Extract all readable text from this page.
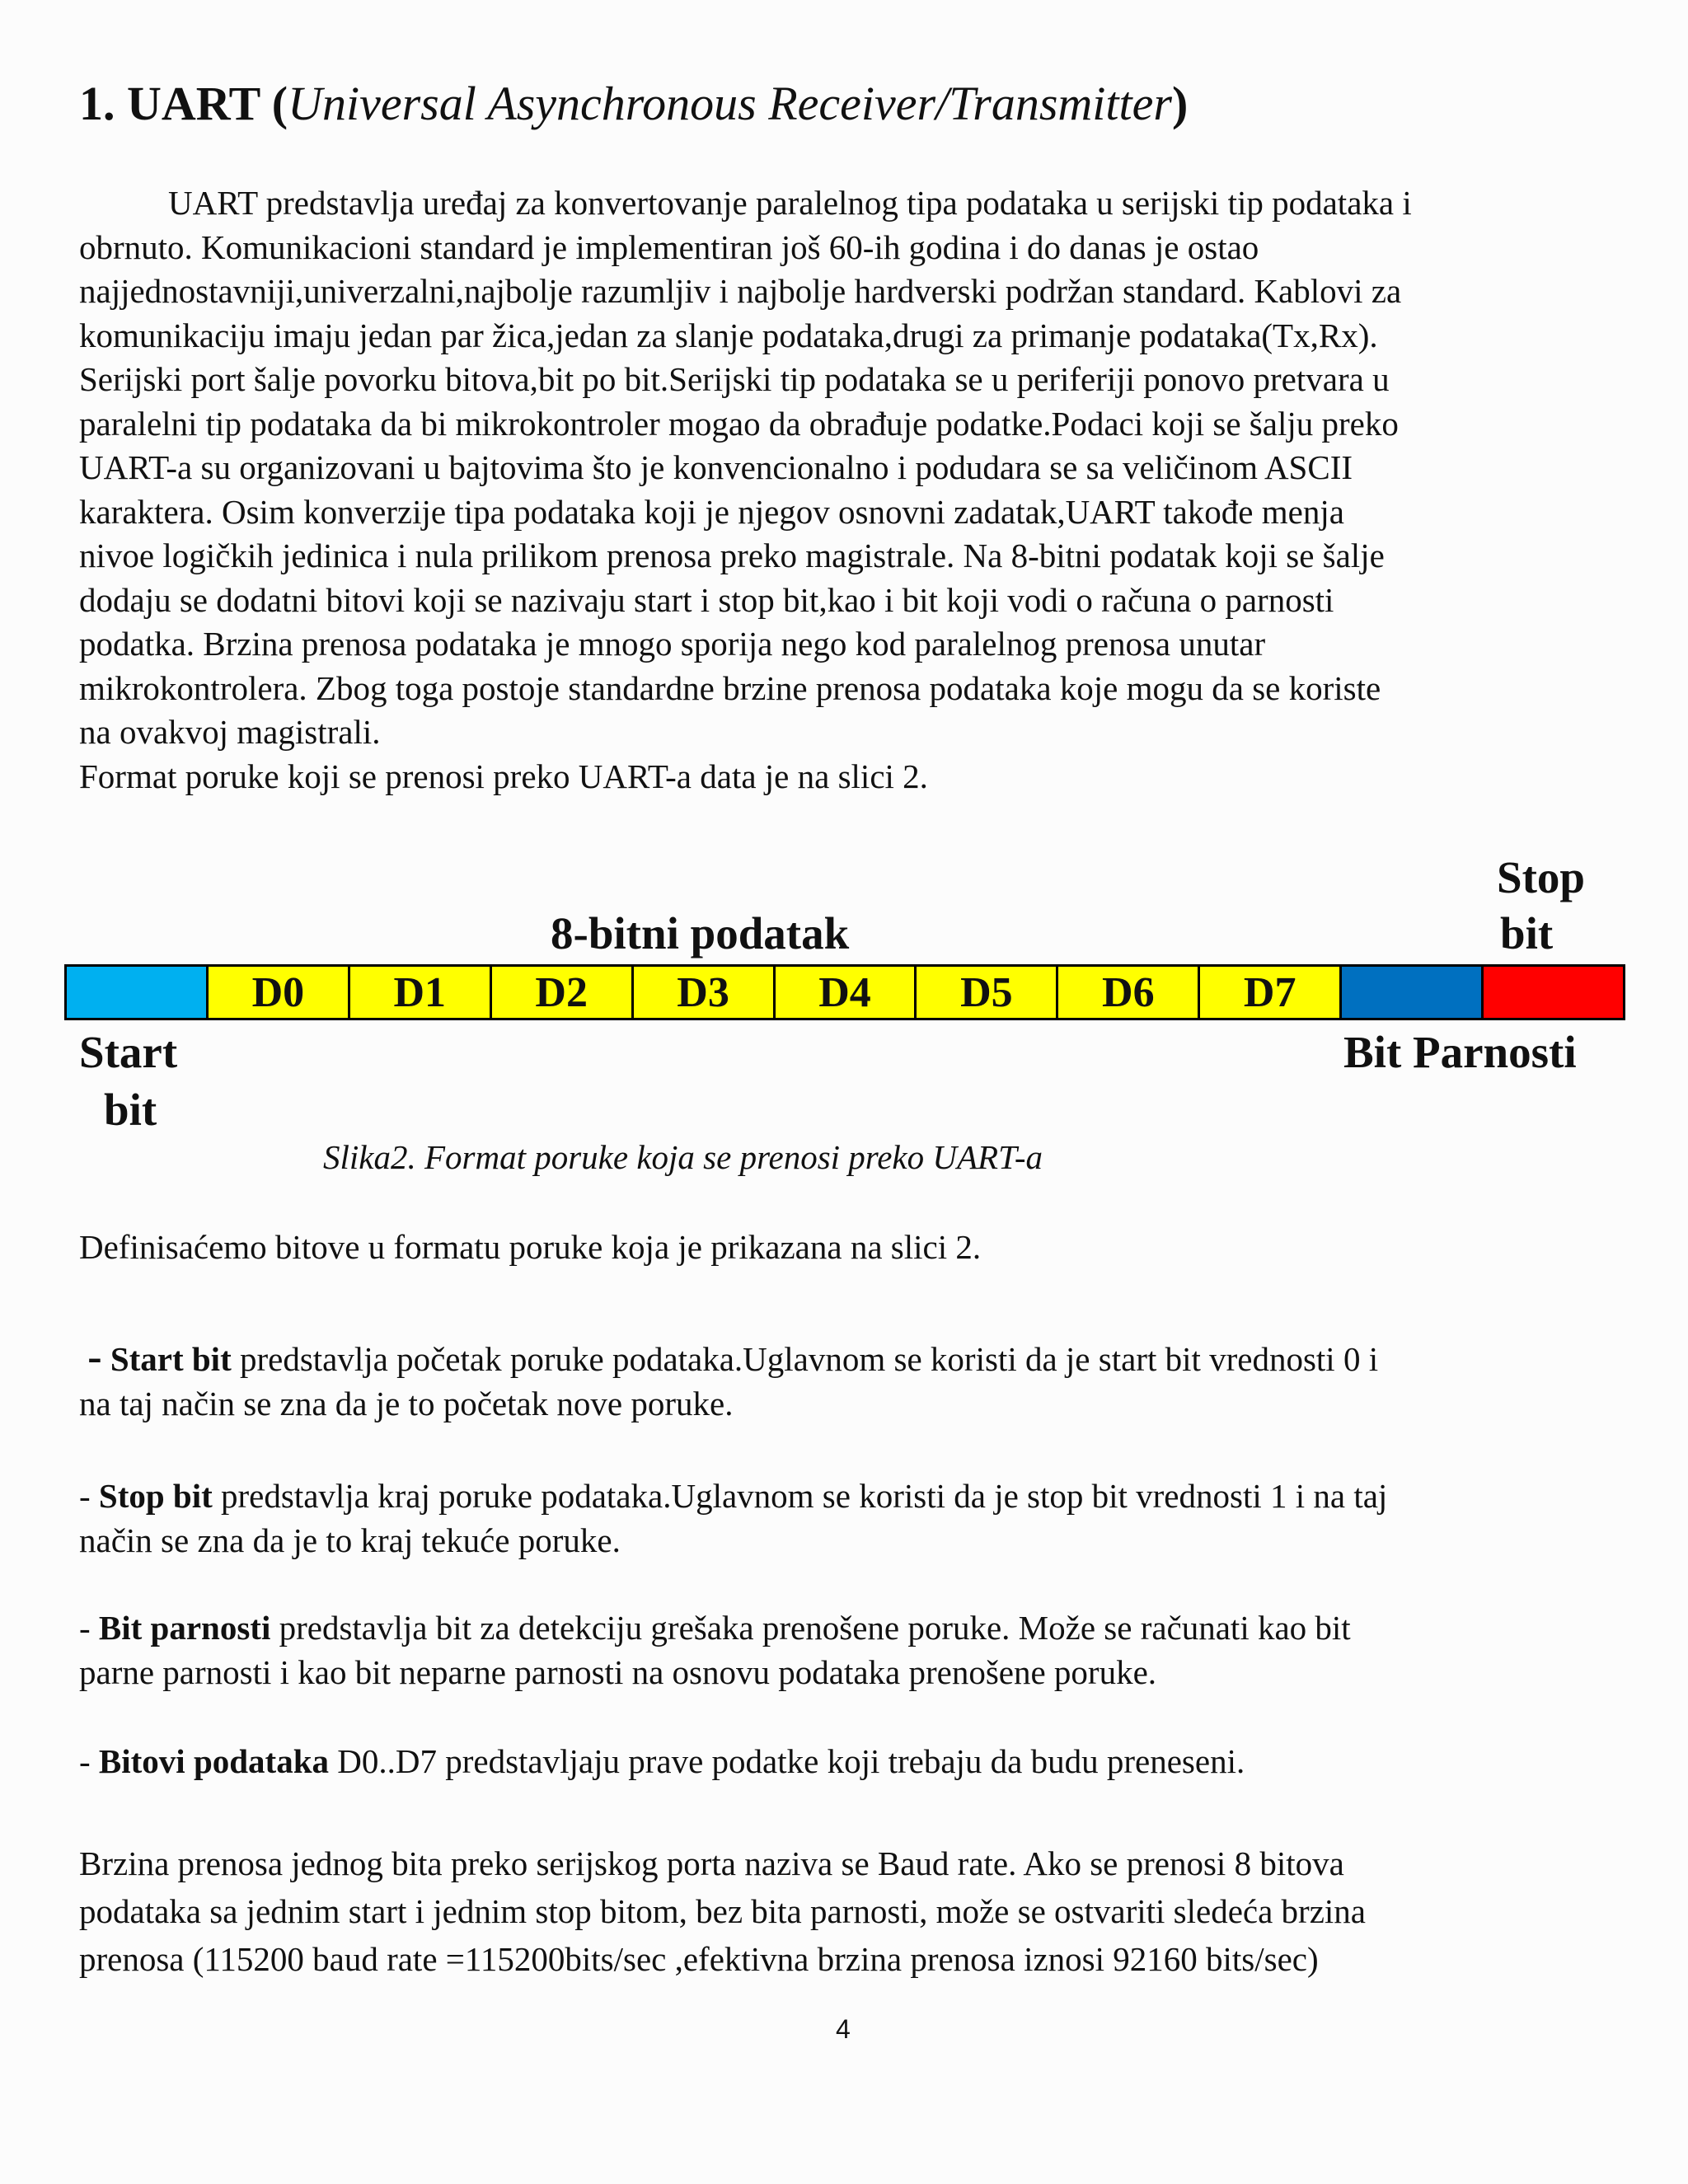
1. UART (Universal Asynchronous Receiver/Transmitter)

UART predstavlja uređaj za konvertovanje paralelnog tipa podataka u serijski tip podataka i

obrnuto. Komunikacioni standard je implementiran još 60-ih godina i do danas je ostao

najjednostavniji,univerzalni,najbolje razumljiv i najbolje hardverski podržan standard. Kablovi za

komunikaciju imaju jedan par žica,jedan za slanje podataka,drugi za primanje podataka(Tx,Rx).

Serijski port šalje povorku bitova,bit po bit.Serijski tip podataka se u periferiji ponovo pretvara u

paralelni tip podataka da bi mikrokontroler mogao da obrađuje podatke.Podaci koji se šalju preko

UART-a su organizovani u bajtovima što je konvencionalno i podudara se sa veličinom ASCII

karaktera. Osim konverzije tipa podataka koji je njegov osnovni zadatak,UART takođe menja

nivoe logičkih jedinica i nula prilikom prenosa preko magistrale. Na 8-bitni podatak koji se šalje

dodaju se dodatni bitovi koji se nazivaju start i stop bit,kao i bit koji vodi o računa o parnosti

podatka. Brzina prenosa podataka je mnogo sporija nego kod paralelnog prenosa unutar

mikrokontrolera. Zbog toga postoje standardne brzine prenosa podataka koje mogu da se koriste

na ovakvoj magistrali.

Format poruke koji se prenosi preko UART-a data je na slici 2.

Stop
8-bitni podatak	bit
D0	D1	D2	D3	D4	D5	D6	D7
Start	Bit Parnosti
bit

Slika2. Format poruke koja se prenosi preko UART-a

Definisaćemo bitove u formatu poruke koja je prikazana na slici 2.

- Start bit predstavlja početak poruke podataka.Uglavnom se koristi da je start bit vrednosti 0 i
na taj način se zna da je to početak nove poruke.
- Stop bit predstavlja kraj poruke podataka.Uglavnom se koristi da je stop bit vrednosti 1 i na taj
način se zna da je to kraj tekuće poruke.
- Bit parnosti predstavlja bit za detekciju grešaka prenošene poruke. Može se računati kao bit
parne parnosti i kao bit neparne parnosti na osnovu podataka prenošene poruke.
- Bitovi podataka D0..D7 predstavljaju prave podatke koji trebaju da budu preneseni.
Brzina prenosa jednog bita preko serijskog porta naziva se Baud rate. Ako se prenosi 8 bitova
podataka sa jednim start i jednim stop bitom, bez bita parnosti, može se ostvariti sledeća brzina
prenosa (115200 baud rate =115200bits/sec ,efektivna brzina prenosa iznosi 92160 bits/sec)

4
